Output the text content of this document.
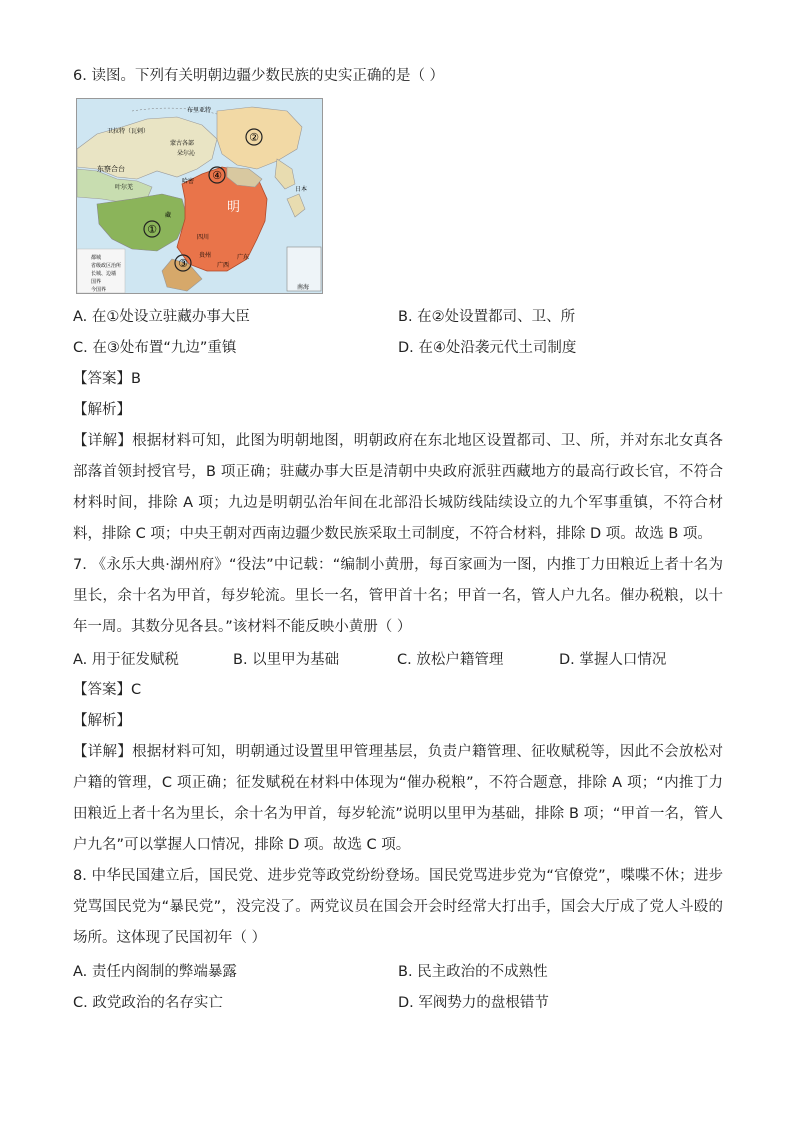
6. 读图。下列有关明朝边疆少数民族的史实正确的是（ ）
①
②
③
④
布里亚特
卫拉特（瓦剌）
蒙古各部
朵尔沁
东察合台
叶尔羌
哈密
明
日本
四川
贵州
广西
广东
藏
南海
都城
省级政区治所
长城、边墙
国界
今国界
A. 在①处设立驻藏办事大臣	B. 在②处设置都司、卫、所
C. 在③处布置“九边”重镇	D. 在④处沿袭元代土司制度
【答案】B
【解析】
【详解】根据材料可知，此图为明朝地图，明朝政府在东北地区设置都司、卫、所，并对东北女真各部落首领封授官号，B 项正确；驻藏办事大臣是清朝中央政府派驻西藏地方的最高行政长官，不符合材料时间，排除 A 项；九边是明朝弘治年间在北部沿长城防线陆续设立的九个军事重镇，不符合材料，排除 C 项；中央王朝对西南边疆少数民族采取土司制度，不符合材料，排除 D 项。故选 B 项。
7. 《永乐大典·湖州府》“役法”中记载：“编制小黄册，每百家画为一图，内推丁力田粮近上者十名为里长，余十名为甲首，每岁轮流。里长一名，管甲首十名；甲首一名，管人户九名。催办税粮，以十年一周。其数分见各县。”该材料不能反映小黄册（ ）
A. 用于征发赋税	B. 以里甲为基础	C. 放松户籍管理	D. 掌握人口情况
【答案】C
【解析】
【详解】根据材料可知，明朝通过设置里甲管理基层，负责户籍管理、征收赋税等，因此不会放松对户籍的管理，C 项正确；征发赋税在材料中体现为“催办税粮”，不符合题意，排除 A 项；“内推丁力田粮近上者十名为里长，余十名为甲首，每岁轮流”说明以里甲为基础，排除 B 项；“甲首一名，管人户九名”可以掌握人口情况，排除 D 项。故选 C 项。
8. 中华民国建立后，国民党、进步党等政党纷纷登场。国民党骂进步党为“官僚党”，喋喋不休；进步党骂国民党为“暴民党”，没完没了。两党议员在国会开会时经常大打出手，国会大厅成了党人斗殴的场所。这体现了民国初年（ ）
A. 责任内阁制的弊端暴露	B. 民主政治的不成熟性
C. 政党政治的名存实亡	D. 军阀势力的盘根错节
